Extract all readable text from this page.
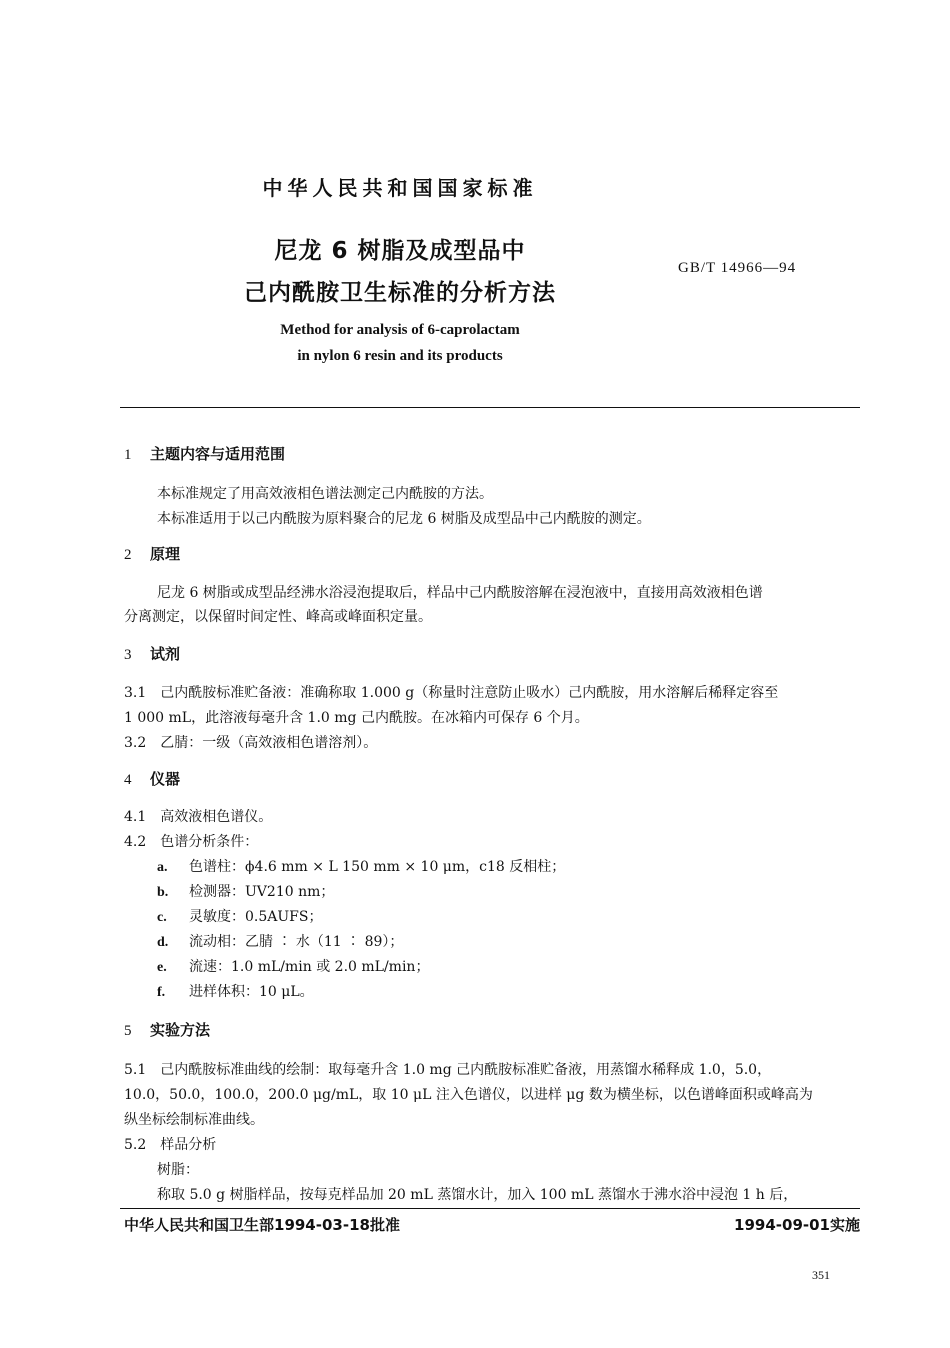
中华人民共和国国家标准
尼龙 6 树脂及成型品中
己内酰胺卫生标准的分析方法
GB/T 14966—94
Method for analysis of 6-caprolactam
in nylon 6 resin and its products
1 主题内容与适用范围
本标准规定了用高效液相色谱法测定己内酰胺的方法。
本标准适用于以己内酰胺为原料聚合的尼龙 6 树脂及成型品中己内酰胺的测定。
2 原理
尼龙 6 树脂或成型品经沸水浴浸泡提取后，样品中己内酰胺溶解在浸泡液中，直接用高效液相色谱
分离测定，以保留时间定性、峰高或峰面积定量。
3 试剂
3.1　己内酰胺标准贮备液：准确称取 1.000 g（称量时注意防止吸水）己内酰胺，用水溶解后稀释定容至
1 000 mL，此溶液每毫升含 1.0 mg 己内酰胺。在冰箱内可保存 6 个月。
3.2　乙腈：一级（高效液相色谱溶剂）。
4 仪器
4.1　高效液相色谱仪。
4.2　色谱分析条件：
a. 色谱柱：ϕ4.6 mm × L 150 mm × 10 μm，c18 反相柱；
b. 检测器：UV210 nm；
c. 灵敏度：0.5AUFS；
d. 流动相：乙腈 ∶ 水（11 ∶ 89）；
e. 流速：1.0 mL/min 或 2.0 mL/min；
f. 进样体积：10 μL。
5 实验方法
5.1　己内酰胺标准曲线的绘制：取每毫升含 1.0 mg 己内酰胺标准贮备液，用蒸馏水稀释成 1.0，5.0，
10.0，50.0，100.0，200.0 μg/mL，取 10 μL 注入色谱仪，以进样 μg 数为横坐标，以色谱峰面积或峰高为
纵坐标绘制标准曲线。
5.2　样品分析
树脂：
称取 5.0 g 树脂样品，按每克样品加 20 mL 蒸馏水计，加入 100 mL 蒸馏水于沸水浴中浸泡 1 h 后，
中华人民共和国卫生部1994-03-18批准	1994-09-01实施
351
